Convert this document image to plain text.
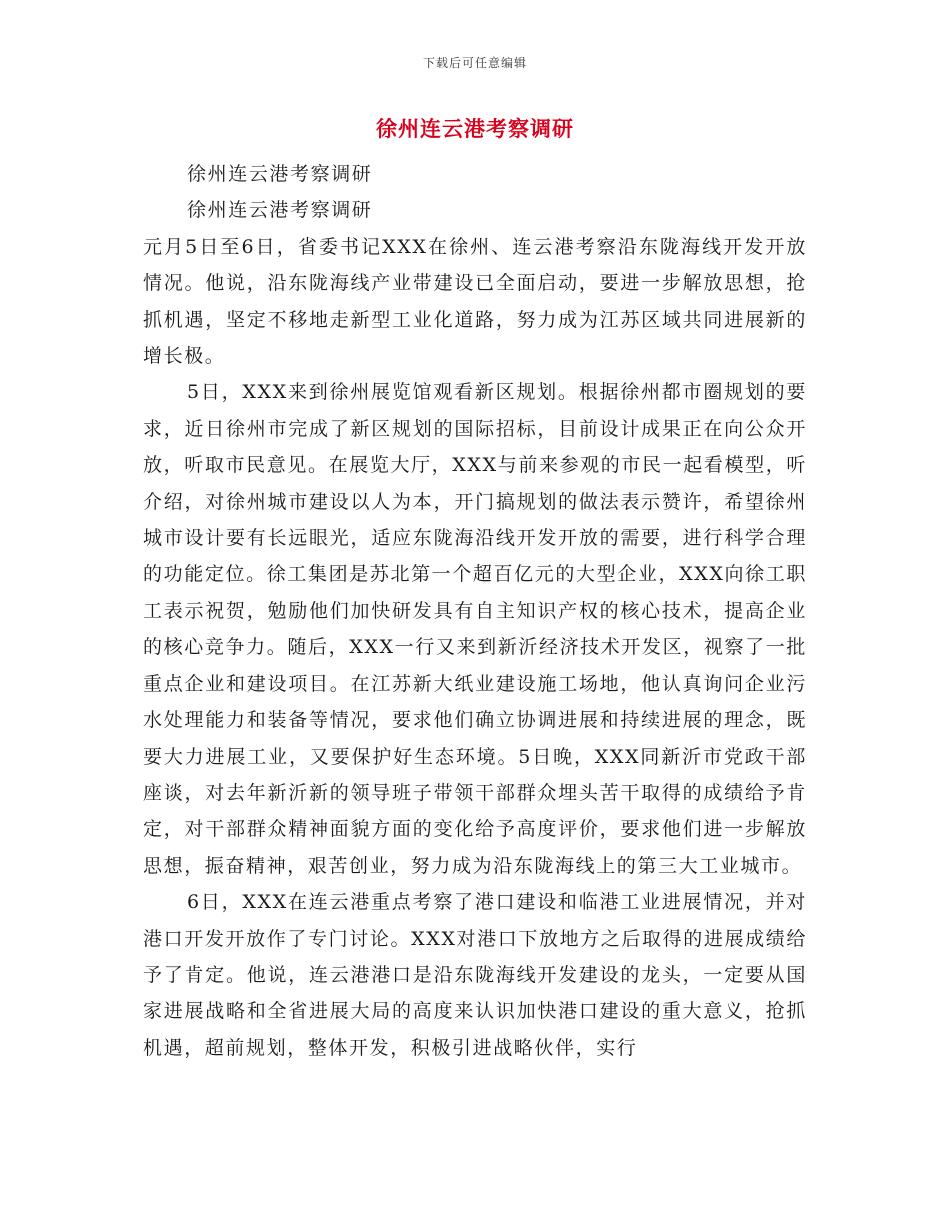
下载后可任意编辑
徐州连云港考察调研

徐州连云港考察调研

徐州连云港考察调研

元月5日至6日，省委书记XXX在徐州、连云港考察沿东陇海线开发开放情况。他说，沿东陇海线产业带建设已全面启动，要进一步解放思想，抢抓机遇，坚定不移地走新型工业化道路，努力成为江苏区域共同进展新的增长极。

5日，XXX来到徐州展览馆观看新区规划。根据徐州都市圈规划的要求，近日徐州市完成了新区规划的国际招标，目前设计成果正在向公众开放，听取市民意见。在展览大厅，XXX与前来参观的市民一起看模型，听介绍，对徐州城市建设以人为本，开门搞规划的做法表示赞许，希望徐州城市设计要有长远眼光，适应东陇海沿线开发开放的需要，进行科学合理的功能定位。徐工集团是苏北第一个超百亿元的大型企业，XXX向徐工职工表示祝贺，勉励他们加快研发具有自主知识产权的核心技术，提高企业的核心竞争力。随后，XXX一行又来到新沂经济技术开发区，视察了一批重点企业和建设项目。在江苏新大纸业建设施工场地，他认真询问企业污水处理能力和装备等情况，要求他们确立协调进展和持续进展的理念，既要大力进展工业，又要保护好生态环境。5日晚，XXX同新沂市党政干部座谈，对去年新沂新的领导班子带领干部群众埋头苦干取得的成绩给予肯定，对干部群众精神面貌方面的变化给予高度评价，要求他们进一步解放思想，振奋精神，艰苦创业，努力成为沿东陇海线上的第三大工业城市。

6日，XXX在连云港重点考察了港口建设和临港工业进展情况，并对港口开发开放作了专门讨论。XXX对港口下放地方之后取得的进展成绩给予了肯定。他说，连云港港口是沿东陇海线开发建设的龙头，一定要从国家进展战略和全省进展大局的高度来认识加快港口建设的重大意义，抢抓机遇，超前规划，整体开发，积极引进战略伙伴，实行
